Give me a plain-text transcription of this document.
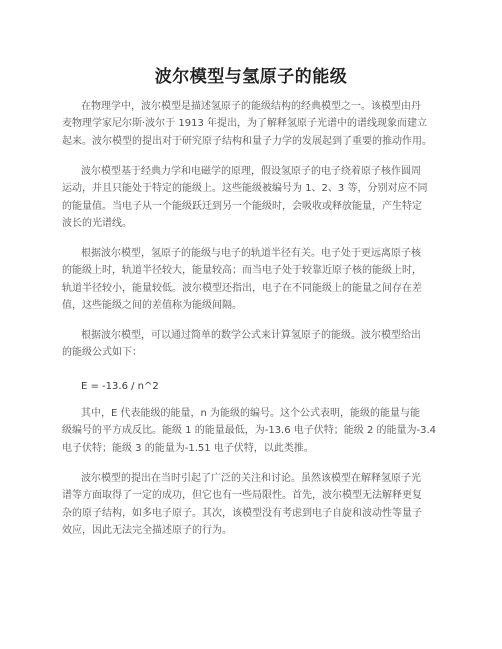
波尔模型与氢原子的能级
在物理学中，波尔模型是描述氢原子的能级结构的经典模型之一。该模型由丹
麦物理学家尼尔斯·波尔于 1913 年提出，为了解释氢原子光谱中的谱线现象而建立
起来。波尔模型的提出对于研究原子结构和量子力学的发展起到了重要的推动作用。
波尔模型基于经典力学和电磁学的原理，假设氢原子的电子绕着原子核作圆周
运动，并且只能处于特定的能级上。这些能级被编号为 1、2、3 等，分别对应不同
的能量值。当电子从一个能级跃迁到另一个能级时，会吸收或释放能量，产生特定
波长的光谱线。
根据波尔模型，氢原子的能级与电子的轨道半径有关。电子处于更远离原子核
的能级上时，轨道半径较大，能量较高；而当电子处于较靠近原子核的能级上时，
轨道半径较小，能量较低。波尔模型还指出，电子在不同能级上的能量之间存在差
值，这些能级之间的差值称为能级间隔。
根据波尔模型，可以通过简单的数学公式来计算氢原子的能级。波尔模型给出
的能级公式如下：
E = -13.6 / n^2
其中，E 代表能级的能量，n 为能级的编号。这个公式表明，能级的能量与能
级编号的平方成反比。能级 1 的能量最低，为-13.6 电子伏特；能级 2 的能量为-3.4
电子伏特；能级 3 的能量为-1.51 电子伏特，以此类推。
波尔模型的提出在当时引起了广泛的关注和讨论。虽然该模型在解释氢原子光
谱等方面取得了一定的成功，但它也有一些局限性。首先，波尔模型无法解释更复
杂的原子结构，如多电子原子。其次，该模型没有考虑到电子自旋和波动性等量子
效应，因此无法完全描述原子的行为。
